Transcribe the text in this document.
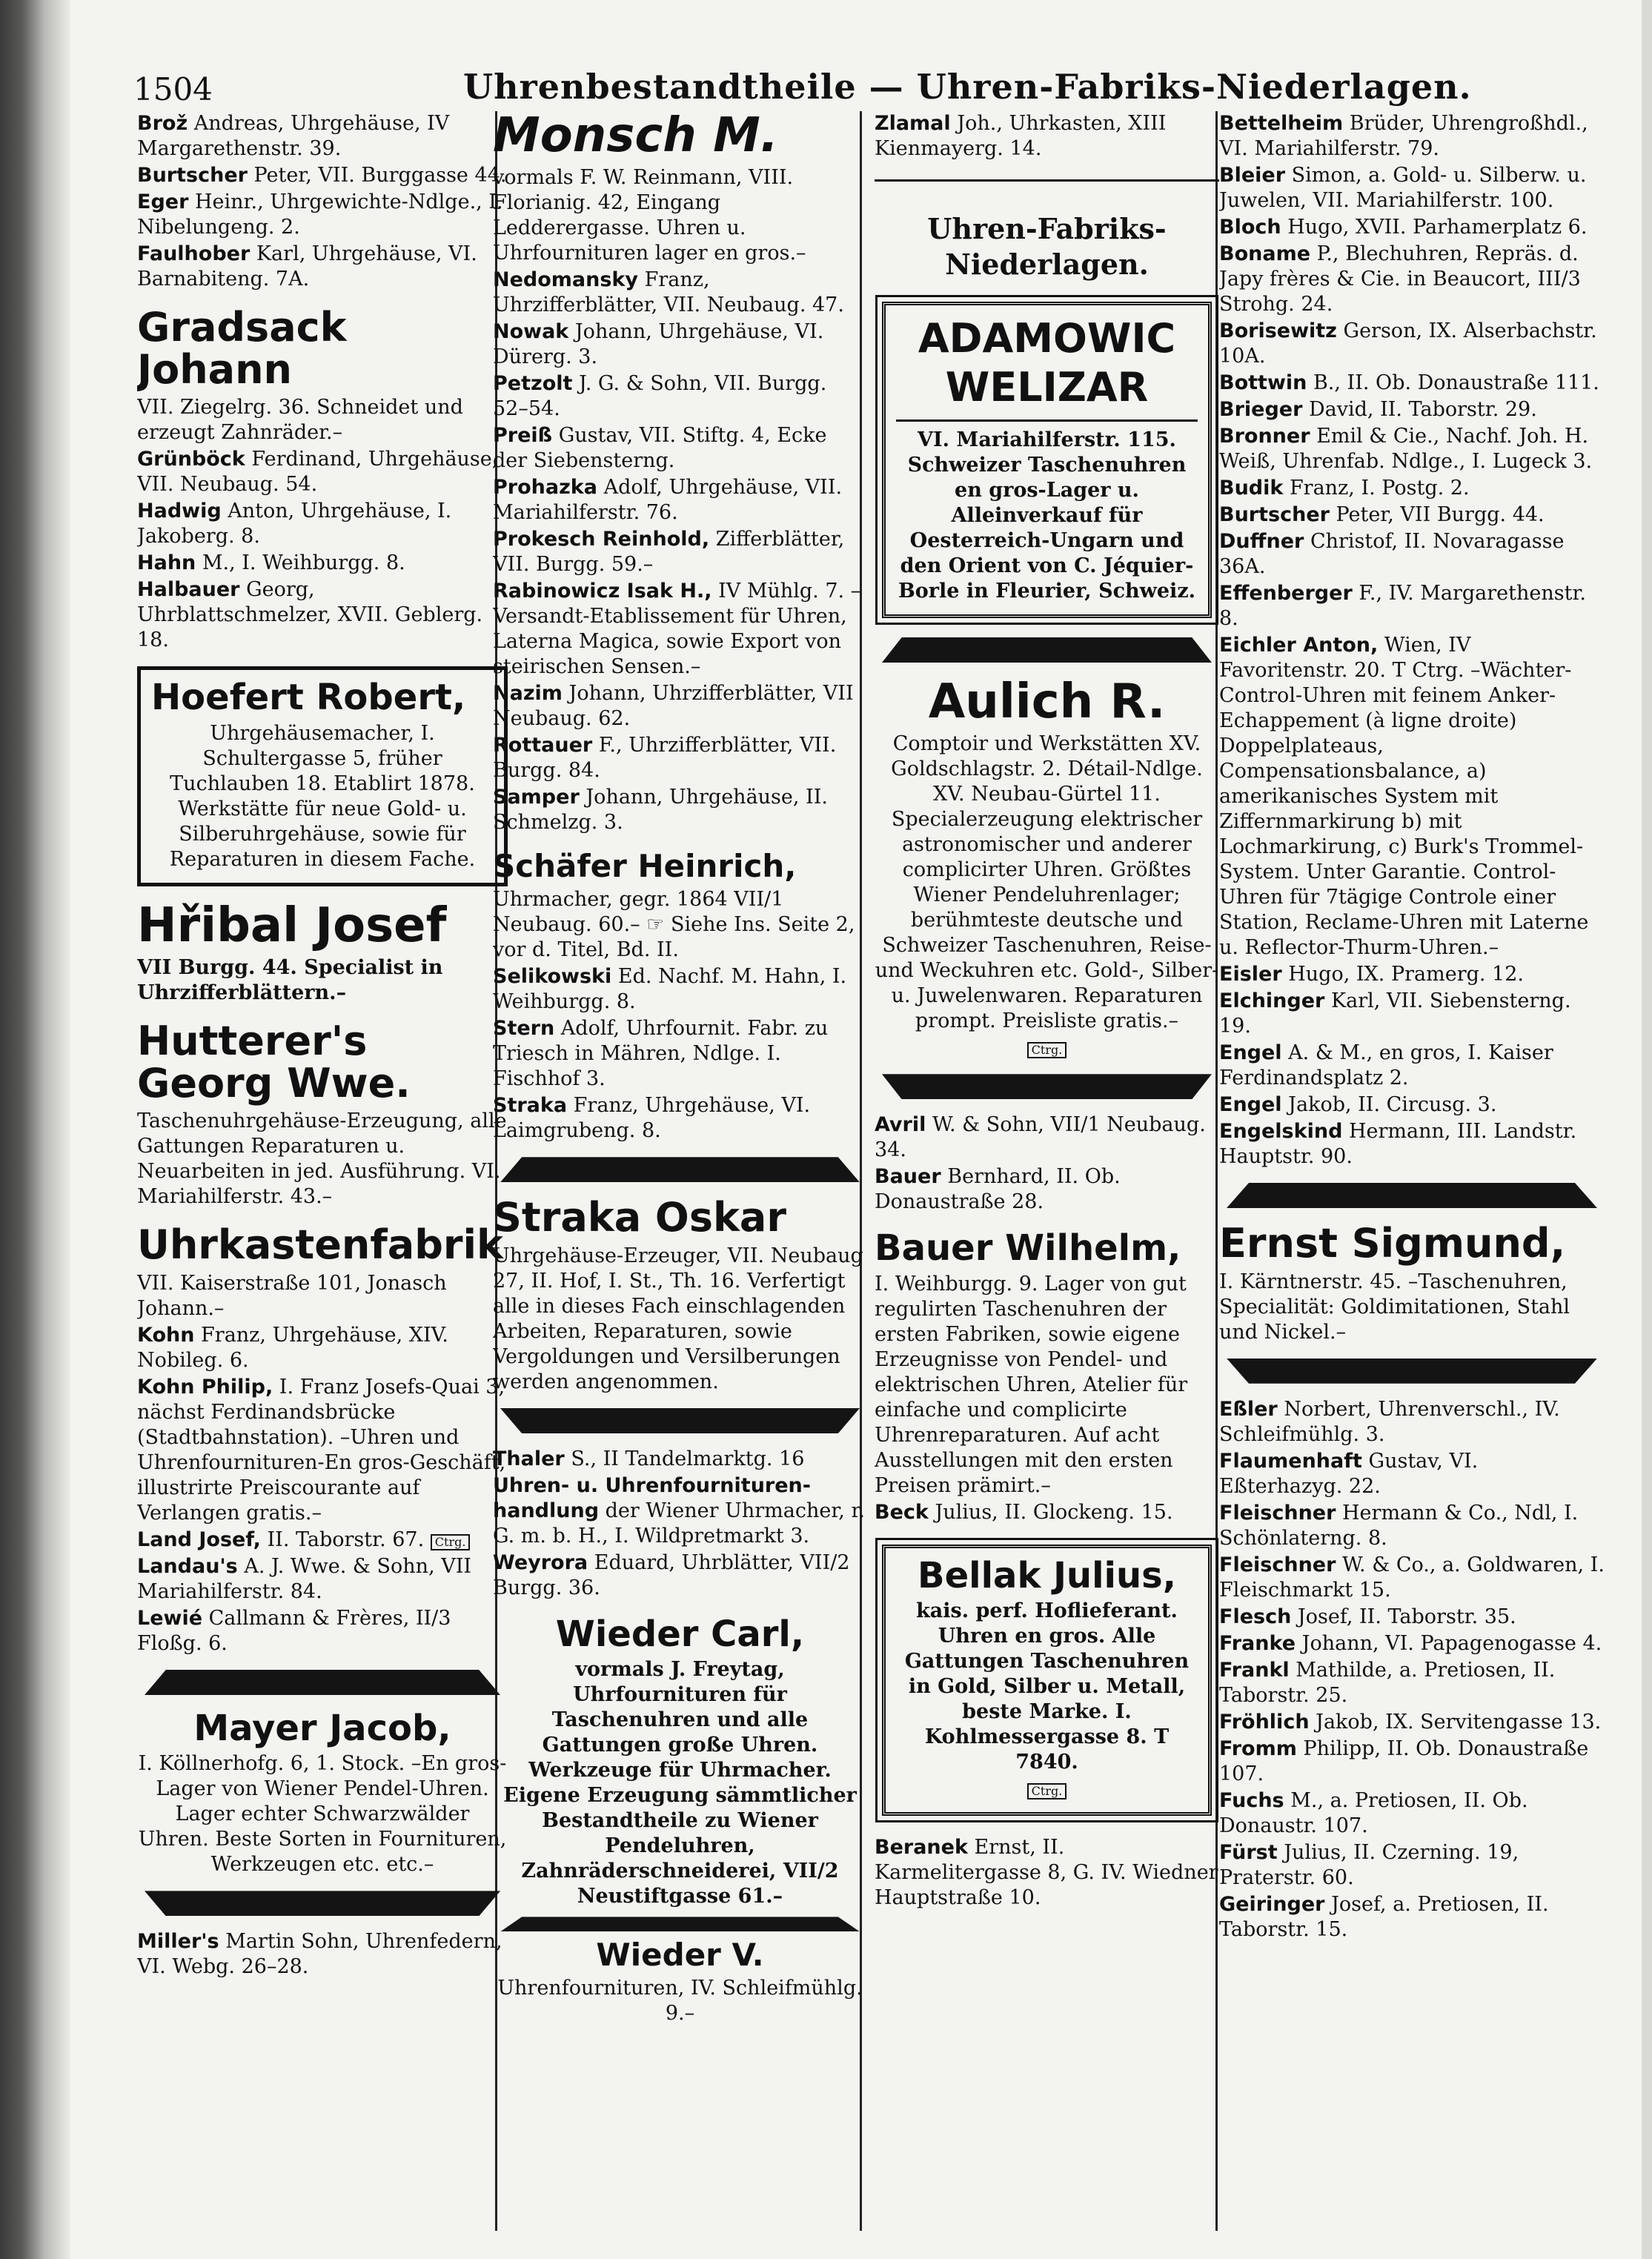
1504	Uhrenbestandtheile — Uhren-Fabriks-Niederlagen.
Brož Andreas, Uhrgehäuse, IV Margarethenstr. 39.
Burtscher Peter, VII. Burggasse 44.
Eger Heinr., Uhrgewichte-Ndlge., I. Nibelungeng. 2.
Faulhober Karl, Uhrgehäuse, VI. Barnabiteng. 7A.
Gradsack Johann
VII. Ziegelrg. 36. Schneidet und erzeugt Zahnräder.–
Grünböck Ferdinand, Uhrgehäuse, VII. Neubaug. 54.
Hadwig Anton, Uhrgehäuse, I. Jakoberg. 8.
Hahn M., I. Weihburgg. 8.
Halbauer Georg, Uhrblattschmelzer, XVII. Geblerg. 18.
Hoefert Robert,
Uhrgehäusemacher, I. Schultergasse 5, früher Tuchlauben 18. Etablirt 1878. Werkstätte für neue Gold- u. Silberuhrgehäuse, sowie für Reparaturen in diesem Fache.
Hřibal Josef
VII Burgg. 44. Specialist in Uhrzifferblättern.–
Hutterer's Georg Wwe.
Taschenuhrgehäuse-Erzeugung, alle Gattungen Reparaturen u. Neuarbeiten in jed. Ausführung. VI. Mariahilferstr. 43.–
Uhrkastenfabrik
VII. Kaiserstraße 101, Jonasch Johann.–
Kohn Franz, Uhrgehäuse, XIV. Nobileg. 6.
Kohn Philip, I. Franz Josefs-Quai 3, nächst Ferdinandsbrücke (Stadtbahnstation). –Uhren und Uhrenfournituren-En gros-Geschäft, illustrirte Preiscourante auf Verlangen gratis.–
Land Josef, II. Taborstr. 67. Ctrg.
Landau's A. J. Wwe. & Sohn, VII Mariahilferstr. 84.
Lewié Callmann & Frères, II/3 Floßg. 6.
Mayer Jacob,
I. Köllnerhofg. 6, 1. Stock. –En gros-Lager von Wiener Pendel-Uhren. Lager echter Schwarzwälder Uhren. Beste Sorten in Fournituren, Werkzeugen etc. etc.–
Miller's Martin Sohn, Uhrenfedern, VI. Webg. 26–28.
Monsch M.
vormals F. W. Reinmann, VIII. Florianig. 42, Eingang Ledderergasse. Uhren u. Uhrfournituren lager en gros.–
Nedomansky Franz, Uhrzifferblätter, VII. Neubaug. 47.
Nowak Johann, Uhrgehäuse, VI. Dürerg. 3.
Petzolt J. G. & Sohn, VII. Burgg. 52–54.
Preiß Gustav, VII. Stiftg. 4, Ecke der Siebensterng.
Prohazka Adolf, Uhrgehäuse, VII. Mariahilferstr. 76.
Prokesch Reinhold, Zifferblätter, VII. Burgg. 59.–
Rabinowicz Isak H., IV Mühlg. 7. –Versandt-Etablissement für Uhren, Laterna Magica, sowie Export von steirischen Sensen.–
Nazim Johann, Uhrzifferblätter, VII Neubaug. 62.
Rottauer F., Uhrzifferblätter, VII. Burgg. 84.
Samper Johann, Uhrgehäuse, II. Schmelzg. 3.
Schäfer Heinrich,
Uhrmacher, gegr. 1864 VII/1 Neubaug. 60.– ☞ Siehe Ins. Seite 2, vor d. Titel, Bd. II.
Selikowski Ed. Nachf. M. Hahn, I. Weihburgg. 8.
Stern Adolf, Uhrfournit. Fabr. zu Triesch in Mähren, Ndlge. I. Fischhof 3.
Straka Franz, Uhrgehäuse, VI. Laimgrubeng. 8.
Straka Oskar
Uhrgehäuse-Erzeuger, VII. Neubaug 27, II. Hof, I. St., Th. 16. Verfertigt alle in dieses Fach einschlagenden Arbeiten, Reparaturen, sowie Vergoldungen und Versilberungen werden angenommen.
Thaler S., II Tandelmarktg. 16
Uhren- u. Uhrenfournituren-handlung der Wiener Uhrmacher, r. G. m. b. H., I. Wildpretmarkt 3.
Weyrora Eduard, Uhrblätter, VII/2 Burgg. 36.
Wieder Carl,
vormals J. Freytag, Uhrfournituren für Taschenuhren und alle Gattungen große Uhren. Werkzeuge für Uhrmacher. Eigene Erzeugung sämmtlicher Bestandtheile zu Wiener Pendeluhren, Zahnräderschneiderei, VII/2 Neustiftgasse 61.–
Wieder V.
Uhrenfournituren, IV. Schleifmühlg. 9.–
Zlamal Joh., Uhrkasten, XIII Kienmayerg. 14.
Uhren-Fabriks-Niederlagen.
ADAMOWIC
WELIZAR
VI. Mariahilferstr. 115. Schweizer Taschenuhren en gros-Lager u. Alleinverkauf für Oesterreich-Ungarn und den Orient von C. Jéquier-Borle in Fleurier, Schweiz.
Aulich R.
Comptoir und Werkstätten XV. Goldschlagstr. 2. Détail-Ndlge. XV. Neubau-Gürtel 11. Specialerzeugung elektrischer astronomischer und anderer complicirter Uhren. Größtes Wiener Pendeluhrenlager; berühmteste deutsche und Schweizer Taschenuhren, Reise- und Weckuhren etc. Gold-, Silber- u. Juwelenwaren. Reparaturen prompt. Preisliste gratis.–
Ctrg.
Avril W. & Sohn, VII/1 Neubaug. 34.
Bauer Bernhard, II. Ob. Donaustraße 28.
Bauer Wilhelm,
I. Weihburgg. 9. Lager von gut regulirten Taschenuhren der ersten Fabriken, sowie eigene Erzeugnisse von Pendel- und elektrischen Uhren, Atelier für einfache und complicirte Uhrenreparaturen. Auf acht Ausstellungen mit den ersten Preisen prämirt.–
Beck Julius, II. Glockeng. 15.
Bellak Julius,
kais. perf. Hoflieferant. Uhren en gros. Alle Gattungen Taschenuhren in Gold, Silber u. Metall, beste Marke. I. Kohlmessergasse 8. T 7840.
Ctrg.
Beranek Ernst, II. Karmelitergasse 8, G. IV. Wiedner Hauptstraße 10.
Bettelheim Brüder, Uhrengroßhdl., VI. Mariahilferstr. 79.
Bleier Simon, a. Gold- u. Silberw. u. Juwelen, VII. Mariahilferstr. 100.
Bloch Hugo, XVII. Parhamerplatz 6.
Boname P., Blechuhren, Repräs. d. Japy frères & Cie. in Beaucort, III/3 Strohg. 24.
Borisewitz Gerson, IX. Alserbachstr. 10A.
Bottwin B., II. Ob. Donaustraße 111.
Brieger David, II. Taborstr. 29.
Bronner Emil & Cie., Nachf. Joh. H. Weiß, Uhrenfab. Ndlge., I. Lugeck 3.
Budik Franz, I. Postg. 2.
Burtscher Peter, VII Burgg. 44.
Duffner Christof, II. Novaragasse 36A.
Effenberger F., IV. Margarethenstr. 8.
Eichler Anton, Wien, IV Favoritenstr. 20. T Ctrg. –Wächter-Control-Uhren mit feinem Anker-Echappement (à ligne droite) Doppelplateaus, Compensationsbalance, a) amerikanisches System mit Ziffernmarkirung b) mit Lochmarkirung, c) Burk's Trommel-System. Unter Garantie. Control-Uhren für 7tägige Controle einer Station, Reclame-Uhren mit Laterne u. Reflector-Thurm-Uhren.–
Eisler Hugo, IX. Pramerg. 12.
Elchinger Karl, VII. Siebensterng. 19.
Engel A. & M., en gros, I. Kaiser Ferdinandsplatz 2.
Engel Jakob, II. Circusg. 3.
Engelskind Hermann, III. Landstr. Hauptstr. 90.
Ernst Sigmund,
I. Kärntnerstr. 45. –Taschenuhren, Specialität: Goldimitationen, Stahl und Nickel.–
Eßler Norbert, Uhrenverschl., IV. Schleifmühlg. 3.
Flaumenhaft Gustav, VI. Eßterhazyg. 22.
Fleischner Hermann & Co., Ndl, I. Schönlaterng. 8.
Fleischner W. & Co., a. Goldwaren, I. Fleischmarkt 15.
Flesch Josef, II. Taborstr. 35.
Franke Johann, VI. Papagenogasse 4.
Frankl Mathilde, a. Pretiosen, II. Taborstr. 25.
Fröhlich Jakob, IX. Servitengasse 13.
Fromm Philipp, II. Ob. Donaustraße 107.
Fuchs M., a. Pretiosen, II. Ob. Donaustr. 107.
Fürst Julius, II. Czerning. 19, Praterstr. 60.
Geiringer Josef, a. Pretiosen, II. Taborstr. 15.
